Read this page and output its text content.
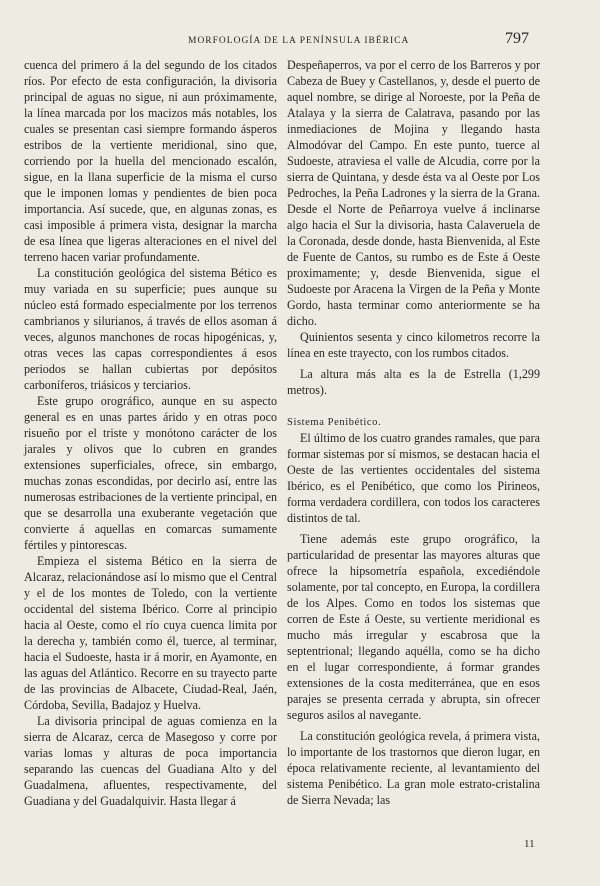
MORFOLOGÍA DE LA PENÍNSULA IBÉRICA	797

cuenca del primero á la del segundo de los citados ríos. Por efecto de esta configuración, la divisoria principal de aguas no sigue, ni aun próximamente, la línea marcada por los macizos más notables, los cuales se presentan casi siempre formando ásperos estribos de la vertiente meridional, sino que, corriendo por la huella del mencionado escalón, sigue, en la llana superficie de la misma el curso que le imponen lomas y pendientes de bien poca importancia. Así sucede, que, en algunas zonas, es casi imposible á primera vista, designar la marcha de esa línea que ligeras alteraciones en el nivel del terreno hacen variar profundamente.

La constitución geológica del sistema Bético es muy variada en su superficie; pues aunque su núcleo está formado especialmente por los terrenos cambrianos y silurianos, á través de ellos asoman á veces, algunos manchones de rocas hipogénicas, y, otras veces las capas correspondientes á esos periodos se hallan cubiertas por depósitos carboníferos, triásicos y terciarios.

Este grupo orográfico, aunque en su aspecto general es en unas partes árido y en otras poco risueño por el triste y monótono carácter de los jarales y olivos que lo cubren en grandes extensiones superficiales, ofrece, sin embargo, muchas zonas escondidas, por decirlo así, entre las numerosas estribaciones de la vertiente principal, en que se desarrolla una exuberante vegetación que convierte á aquellas en comarcas sumamente fértiles y pintorescas.

Empieza el sistema Bético en la sierra de Alcaraz, relacionándose así lo mismo que el Central y el de los montes de Toledo, con la vertiente occidental del sistema Ibérico. Corre al principio hacia al Oeste, como el río cuya cuenca limita por la derecha y, también como él, tuerce, al terminar, hacia el Sudoeste, hasta ir á morir, en Ayamonte, en las aguas del Atlántico. Recorre en su trayecto parte de las provincias de Albacete, Ciudad-Real, Jaén, Córdoba, Sevilla, Badajoz y Huelva.

La divisoria principal de aguas comienza en la sierra de Alcaraz, cerca de Masegoso y corre por varias lomas y alturas de poca importancia separando las cuencas del Guadiana Alto y del Guadalmena, afluentes, respectivamente, del Guadiana y del Guadalquivir. Hasta llegar á

Despeñaperros, va por el cerro de los Barreros y por Cabeza de Buey y Castellanos, y, desde el puerto de aquel nombre, se dirige al Noroeste, por la Peña de Atalaya y la sierra de Calatrava, pasando por las inmediaciones de Mojina y llegando hasta Almodóvar del Campo. En este punto, tuerce al Sudoeste, atraviesa el valle de Alcudia, corre por la sierra de Quintana, y desde ésta va al Oeste por Los Pedroches, la Peña Ladrones y la sierra de la Grana. Desde el Norte de Peñarroya vuelve á inclinarse algo hacia el Sur la divisoria, hasta Calaveruela de la Coronada, desde donde, hasta Bienvenida, al Este de Fuente de Cantos, su rumbo es de Este á Oeste proximamente; y, desde Bienvenida, sigue el Sudoeste por Aracena la Virgen de la Peña y Monte Gordo, hasta terminar como anteriormente se ha dicho.

Quinientos sesenta y cinco kilometros recorre la línea en este trayecto, con los rumbos citados.

La altura más alta es la de Estrella (1,299 metros).

Sistema Penibético.

El último de los cuatro grandes ramales, que para formar sistemas por sí mismos, se destacan hacia el Oeste de las vertientes occidentales del sistema Ibérico, es el Penibético, que como los Pirineos, forma verdadera cordillera, con todos los caracteres distintos de tal.

Tiene además este grupo orográfico, la particularidad de presentar las mayores alturas que ofrece la hipsometría española, excediéndole solamente, por tal concepto, en Europa, la cordillera de los Alpes. Como en todos los sistemas que corren de Este á Oeste, su vertiente meridional es mucho más irregular y escabrosa que la septentrional; llegando aquélla, como se ha dicho en el lugar correspondiente, á formar grandes extensiones de la costa mediterránea, que en esos parajes se presenta cerrada y abrupta, sin ofrecer seguros asilos al navegante.

La constitución geológica revela, á primera vista, lo importante de los trastornos que dieron lugar, en época relativamente reciente, al levantamiento del sistema Penibético. La gran mole estrato-cristalina de Sierra Nevada; las

11
